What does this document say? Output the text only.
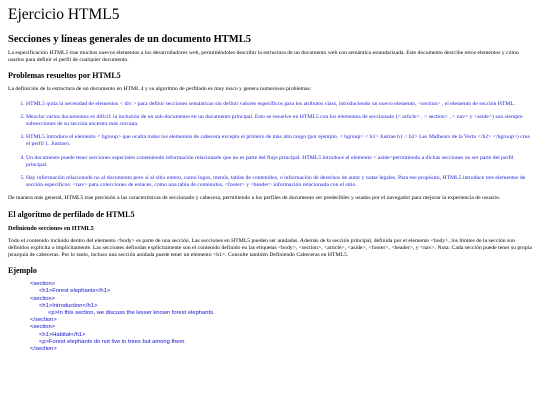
Ejercicio HTML5
Secciones y líneas generales de un documento HTML5

La especificación HTML5 trae muchos nuevos elementos a los desarrolladores web, permitiéndoles describir la estructura de un documento web con semántica estandarizada. Este documento describe estos elementos y cómo usarlos para definir el perfil de cualquier documento.

Problemas resueltos por HTML5

La definición de la estructura de un documento en HTML 4 y su algoritmo de perfilado es muy tosco y genera numerosos problemas:

1. HTML5 quita la necesidad de elementos < div > para definir secciones semánticas sin definir valores específicos para los atributos class, introduciendo un nuevo elemento, <section> , el elemento de sección HTML.
2. Mezclar varios documentos es difícil: la inclusión de un sub-documento en un documento principal. Esto se resuelve en HTML5 con los elementos de seccionado (< article> , < section> , < nav> y <aside>) son siempre subsecciones de su sección ancestra más cercana.
3. HTML5 introduce el elemento < hgroup> que oculta todos los elementos de cabecera excepto el primero de más alto rango (por ejemplo, < hgroup> < h1> Justine h1 < h2> Les Malheurs de la Vertu </h2> </hgroup>) crea el perfil 1. Justine).
4. Un documento puede tener secciones especiales conteniendo información relacionado que no es parte del flujo principal. HTML5 introduce el elemento < aside>permitiendo a dichas secciones no ser parte del perfil principal.
5. Hay información relacionado no al documento pero si al sitio entero, como logos, menús, tablas de contenidos, o información de derechos de autor y notas legales. Para ese propósito, HTML5 introduce tres elementos de sección específicos: <nav> para colecciones de enlaces, como una tabla de contenidos, <footer> y <header> información relacionada con el sitio.

De manera más general, HTML5 trae precisión a las características de seccionado y cabecera, permitiendo a los perfiles de documento ser predecibles y usados por el navegador para mejorar la experiencia de usuario.

El algoritmo de perfilado de HTML5
Definiendo secciones en HTML5

Todo el contenido incluido dentro del elemento <body> es parte de una sección. Las secciones en HTML5 pueden ser anidadas. Además de la sección principal, definida por el elemento <body>, los límites de la sección son definidos explícita o implícitamente. Las secciones definidas explícitamente son el contenido definido en las etiquetas <body>, <section>, <article>, <aside>, <footer>, <header>, y <nav>. Nota: Cada sección puede tener su propia jerarquía de cabeceras. Por lo tanto, incluso una sección anidada puede tener un elemento <h1>. Consulte también Definiendo Cabeceras en HTML5.

Ejemplo
<section>
<h1>Forest elephants</h1>
<section>
<h1>Introduction</h1>
<p>In this section, we discuss the lesser known forest elephants.
</section>
<section>
<h1>Habitat</h1>
<p>Forest elephants do not live in trees but among them.
</section>
